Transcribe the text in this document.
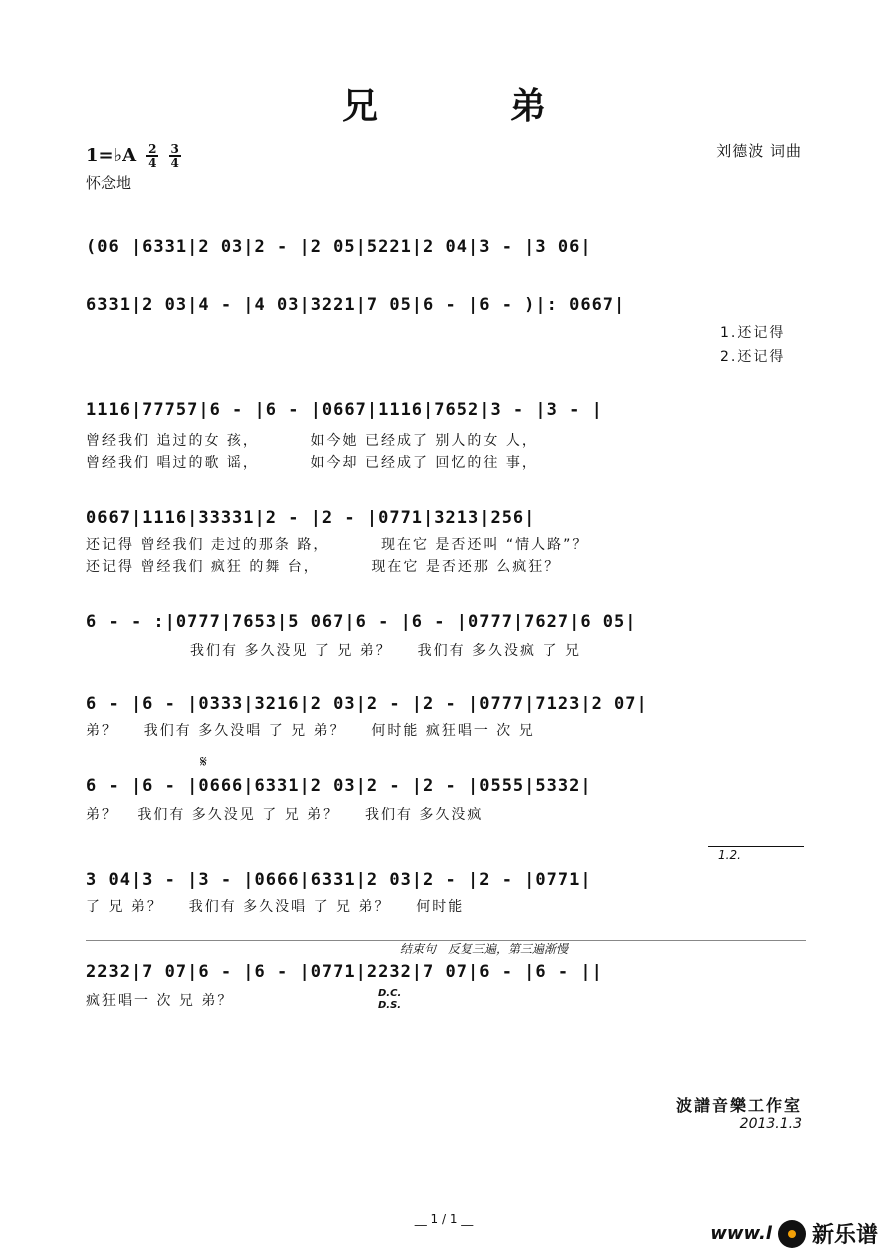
兄　弟
1=♭A $\frac{2}{4}$
$\frac{3}{4}$
怀念地
刘德波 词曲
(06 |6331|2 03|2 - |2 05|5221|2 04|3 - |3 06|
6331|2 03|4 - |4 03|3221|7 05|6 - |6 - )|: 0667|
1.还记得
2.还记得
1116|77757|6 - |6 - |0667|1116|7652|3 - |3 - |
曾经我们 追过的女 孩，        如今她 已经成了 别人的女 人，
曾经我们 唱过的歌 谣，        如今却 已经成了 回忆的往 事，
0667|1116|33331|2 - |2 - |0771|3213|256|
还记得 曾经我们 走过的那条 路，        现在它 是否还叫 “情人路”？
还记得 曾经我们 疯狂 的舞 台，        现在它 是否还那 么疯狂？
6 - - :|0777|7653|5 067|6 - |6 - |0777|7627|6 05|
我们有 多久没见 了 兄 弟？    我们有 多久没疯 了 兄
6 - |6 - |0333|3216|2 03|2 - |2 - |0777|7123|2 07|
弟？    我们有 多久没唱 了 兄 弟？    何时能 疯狂唱一 次 兄
𝄋
6 - |6 - |0666|6331|2 03|2 - |2 - |0555|5332|
弟？   我们有 多久没见 了 兄 弟？    我们有 多久没疯
1.2.
3 04|3 - |3 - |0666|6331|2 03|2 - |2 - |0771|
了 兄 弟？    我们有 多久没唱 了 兄 弟？    何时能
结束句　反复三遍，第三遍渐慢
2232|7 07|6 - |6 - |0771|2232|7 07|6 - |6 - ||
疯狂唱一 次 兄 弟？	D.C.
D.S.
波譜音樂工作室
2013.1.3
__ 1 / 1 __
www.l 新乐谱
